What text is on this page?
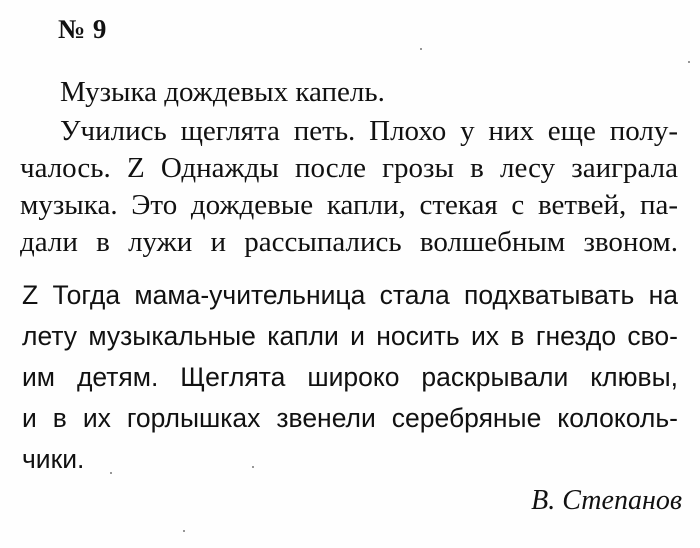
№ 9
Музыка дождевых капель.
Учились щеглята петь. Плохо у них еще полу-
чалось. Z Однажды после грозы в лесу заиграла
музыка. Это дождевые капли, стекая с ветвей, па-
дали в лужи и рассыпались волшебным звоном.
Z Тогда мама-учительница стала подхватывать на
лету музыкальные капли и носить их в гнездо сво-
им детям. Щеглята широко раскрывали клювы,
и в их горлышках звенели серебряные колоколь-
чики.
В. Степанов
